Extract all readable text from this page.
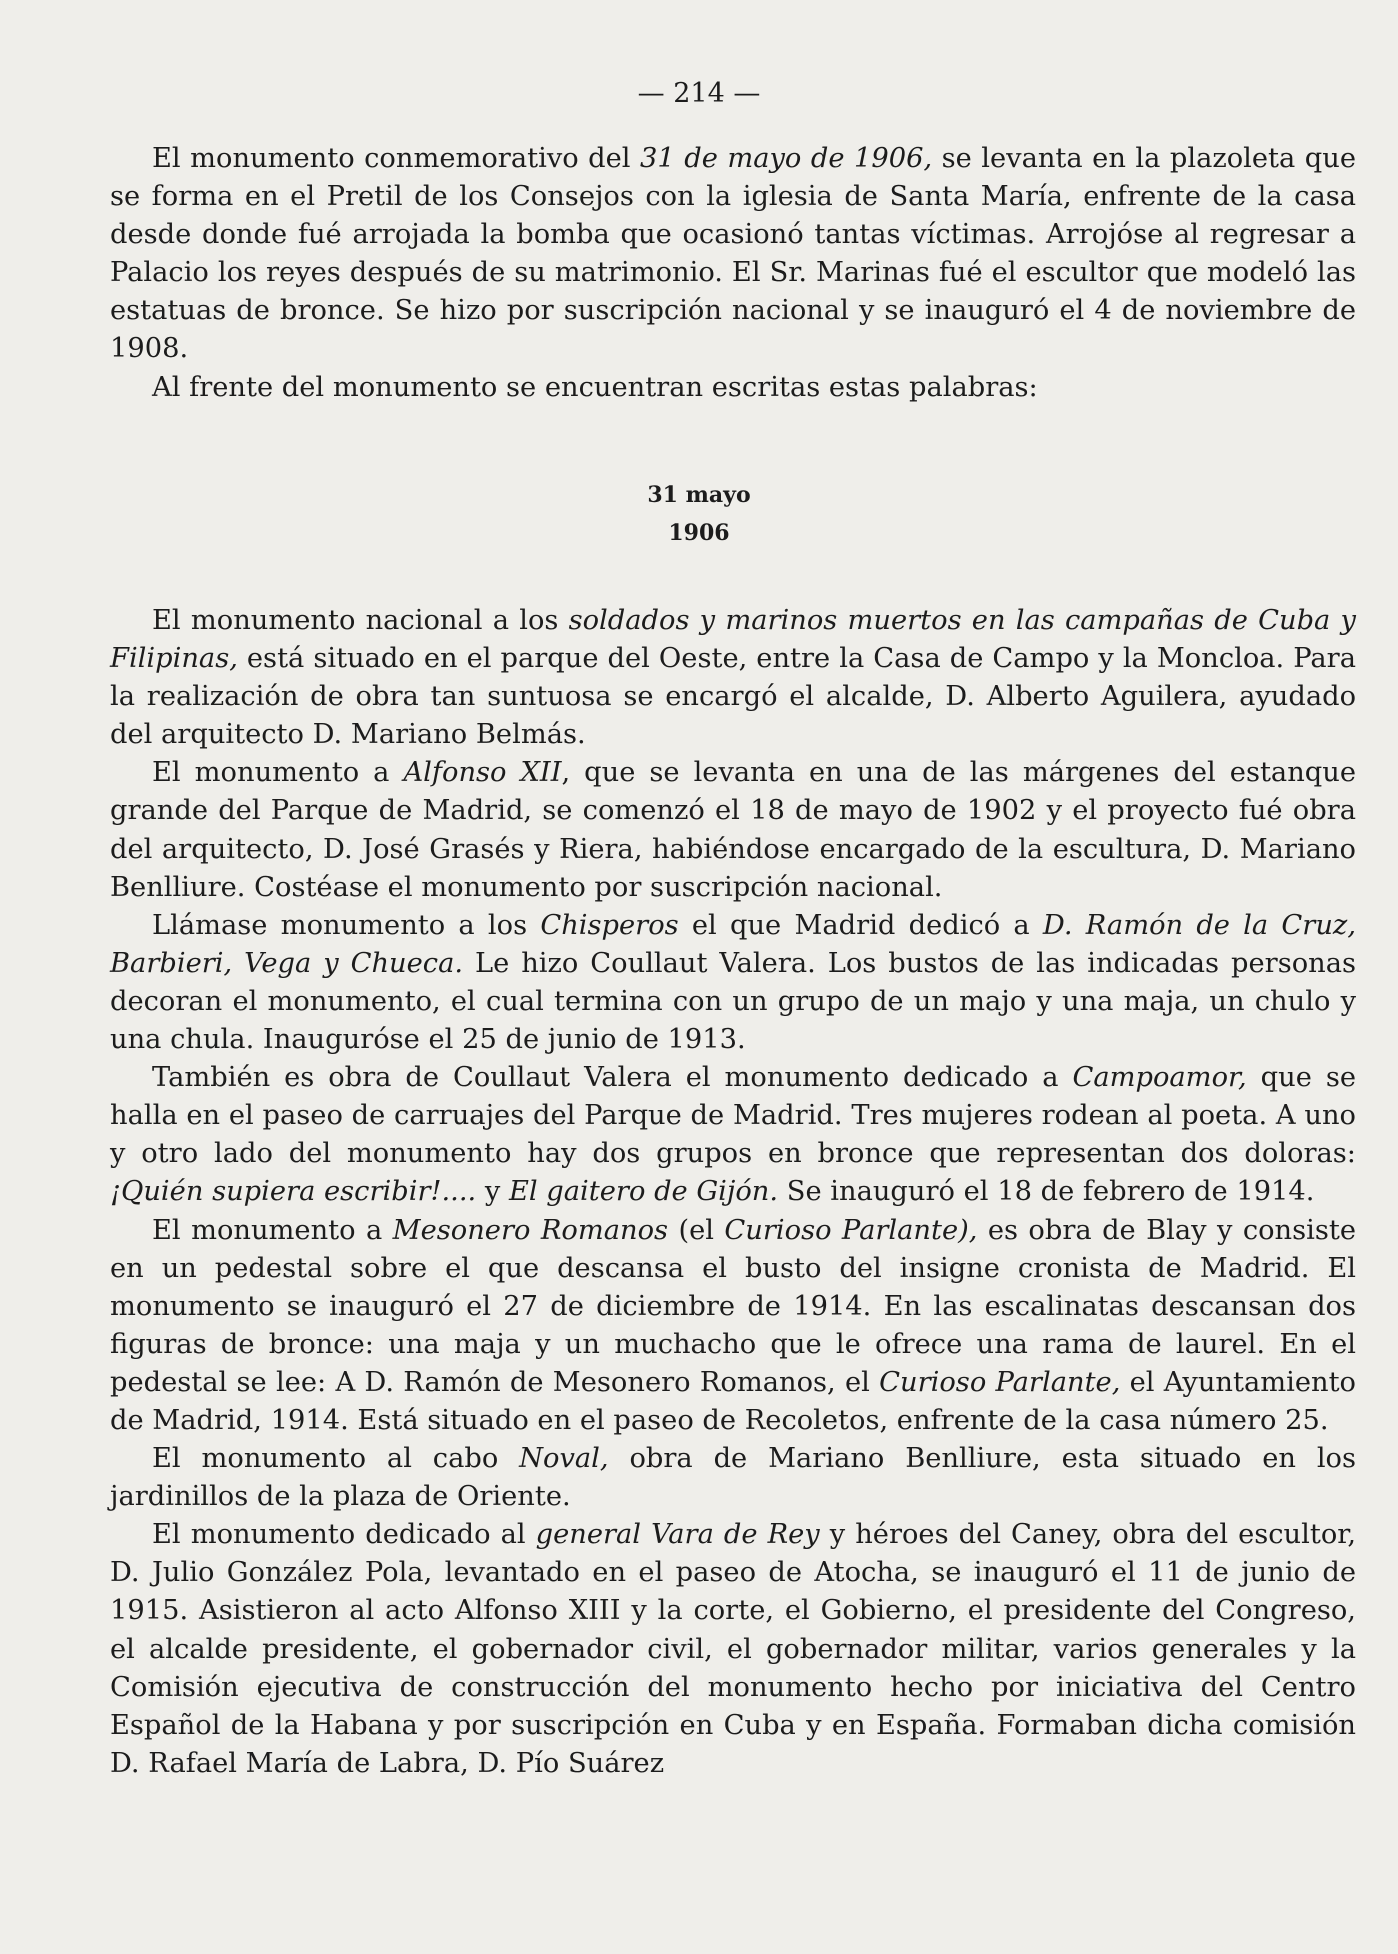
— 214 —

El monumento conmemorativo del 31 de mayo de 1906, se levanta en la plazoleta que se forma en el Pretil de los Consejos con la iglesia de Santa María, enfrente de la casa desde donde fué arrojada la bomba que ocasionó tantas víctimas. Arrojóse al regresar a Palacio los reyes después de su matrimonio. El Sr. Marinas fué el escultor que modeló las estatuas de bronce. Se hizo por suscripción nacional y se inauguró el 4 de noviembre de 1908.

Al frente del monumento se encuentran escritas estas palabras:

31 mayo
1906

El monumento nacional a los soldados y marinos muertos en las campañas de Cuba y Filipinas, está situado en el parque del Oeste, entre la Casa de Campo y la Moncloa. Para la realización de obra tan suntuosa se encargó el alcalde, D. Alberto Aguilera, ayudado del arquitecto D. Mariano Belmás.

El monumento a Alfonso XII, que se levanta en una de las márgenes del estanque grande del Parque de Madrid, se comenzó el 18 de mayo de 1902 y el proyecto fué obra del arquitecto, D. José Grasés y Riera, habiéndose encargado de la escultura, D. Mariano Benlliure. Costéase el monumento por suscripción nacional.

Llámase monumento a los Chisperos el que Madrid dedicó a D. Ramón de la Cruz, Barbieri, Vega y Chueca. Le hizo Coullaut Valera. Los bustos de las indicadas personas decoran el monumento, el cual termina con un grupo de un majo y una maja, un chulo y una chula. Inauguróse el 25 de junio de 1913.

También es obra de Coullaut Valera el monumento dedicado a Campoamor, que se halla en el paseo de carruajes del Parque de Madrid. Tres mujeres rodean al poeta. A uno y otro lado del monumento hay dos grupos en bronce que representan dos doloras: ¡Quién supiera escribir!.... y El gaitero de Gijón. Se inauguró el 18 de febrero de 1914.

El monumento a Mesonero Romanos (el Curioso Parlante), es obra de Blay y consiste en un pedestal sobre el que descansa el busto del insigne cronista de Madrid. El monumento se inauguró el 27 de diciembre de 1914. En las escalinatas descansan dos figuras de bronce: una maja y un muchacho que le ofrece una rama de laurel. En el pedestal se lee: A D. Ramón de Mesonero Romanos, el Curioso Parlante, el Ayuntamiento de Madrid, 1914. Está situado en el paseo de Recoletos, enfrente de la casa número 25.

El monumento al cabo Noval, obra de Mariano Benlliure, esta situado en los jardinillos de la plaza de Oriente.

El monumento dedicado al general Vara de Rey y héroes del Caney, obra del escultor, D. Julio González Pola, levantado en el paseo de Atocha, se inauguró el 11 de junio de 1915. Asistieron al acto Alfonso XIII y la corte, el Gobierno, el presidente del Congreso, el alcalde presidente, el gobernador civil, el gobernador militar, varios generales y la Comisión ejecutiva de construcción del monumento hecho por iniciativa del Centro Español de la Habana y por suscripción en Cuba y en España. Formaban dicha comisión D. Rafael María de Labra, D. Pío Suárez
